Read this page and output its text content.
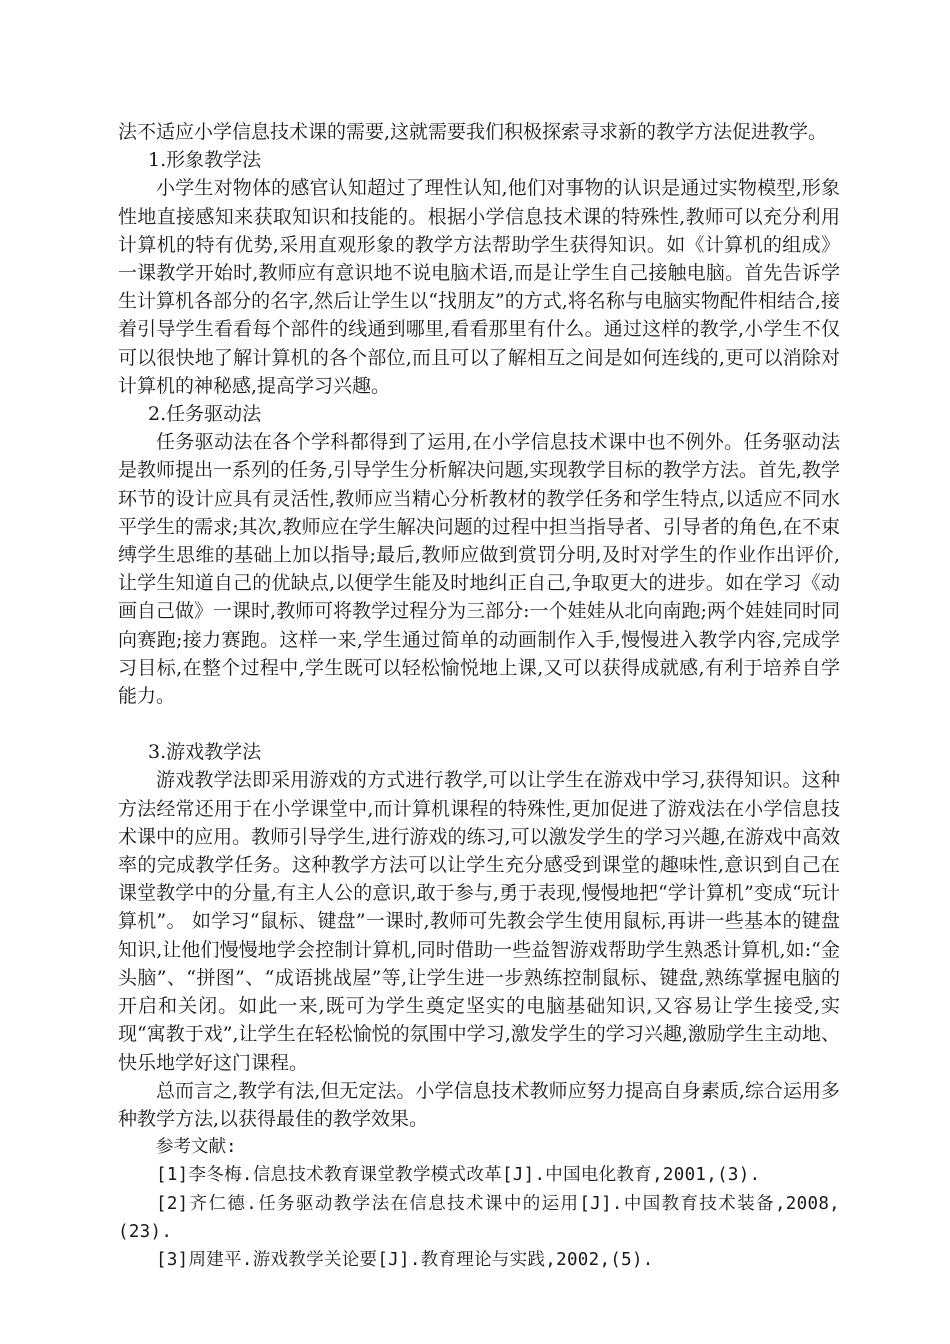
法不适应小学信息技术课的需要,这就需要我们积极探索寻求新的教学方法促进教学。

1.形象教学法

小学生对物体的感官认知超过了理性认知,他们对事物的认识是通过实物模型,形象性地直接感知来获取知识和技能的。根据小学信息技术课的特殊性,教师可以充分利用计算机的特有优势,采用直观形象的教学方法帮助学生获得知识。如《计算机的组成》一课教学开始时,教师应有意识地不说电脑术语,而是让学生自己接触电脑。首先告诉学生计算机各部分的名字,然后让学生以“找朋友”的方式,将名称与电脑实物配件相结合,接着引导学生看看每个部件的线通到哪里,看看那里有什么。通过这样的教学,小学生不仅可以很快地了解计算机的各个部位,而且可以了解相互之间是如何连线的,更可以消除对计算机的神秘感,提高学习兴趣。

2.任务驱动法

任务驱动法在各个学科都得到了运用,在小学信息技术课中也不例外。任务驱动法是教师提出一系列的任务,引导学生分析解决问题,实现教学目标的教学方法。首先,教学环节的设计应具有灵活性,教师应当精心分析教材的教学任务和学生特点,以适应不同水平学生的需求;其次,教师应在学生解决问题的过程中担当指导者、引导者的角色,在不束缚学生思维的基础上加以指导;最后,教师应做到赏罚分明,及时对学生的作业作出评价,让学生知道自己的优缺点,以便学生能及时地纠正自己,争取更大的进步。如在学习《动画自己做》一课时,教师可将教学过程分为三部分:一个娃娃从北向南跑;两个娃娃同时同向赛跑;接力赛跑。这样一来,学生通过简单的动画制作入手,慢慢进入教学内容,完成学习目标,在整个过程中,学生既可以轻松愉悦地上课,又可以获得成就感,有利于培养自学能力。

3.游戏教学法

游戏教学法即采用游戏的方式进行教学,可以让学生在游戏中学习,获得知识。这种方法经常还用于在小学课堂中,而计算机课程的特殊性,更加促进了游戏法在小学信息技术课中的应用。教师引导学生,进行游戏的练习,可以激发学生的学习兴趣,在游戏中高效率的完成教学任务。这种教学方法可以让学生充分感受到课堂的趣味性,意识到自己在课堂教学中的分量,有主人公的意识,敢于参与,勇于表现,慢慢地把“学计算机”变成“玩计算机”。 如学习“鼠标、键盘”一课时,教师可先教会学生使用鼠标,再讲一些基本的键盘知识,让他们慢慢地学会控制计算机,同时借助一些益智游戏帮助学生熟悉计算机,如:“金头脑”、“拼图”、“成语挑战屋”等,让学生进一步熟练控制鼠标、键盘,熟练掌握电脑的开启和关闭。如此一来,既可为学生奠定坚实的电脑基础知识,又容易让学生接受,实现“寓教于戏”,让学生在轻松愉悦的氛围中学习,激发学生的学习兴趣,激励学生主动地、快乐地学好这门课程。

总而言之,教学有法,但无定法。小学信息技术教师应努力提高自身素质,综合运用多种教学方法,以获得最佳的教学效果。

参考文献:

[1]李冬梅.信息技术教育课堂教学模式改革[J].中国电化教育,2001,(3).

[2]齐仁德.任务驱动教学法在信息技术课中的运用[J].中国教育技术装备,2008,(23).

[3]周建平.游戏教学关论要[J].教育理论与实践,2002,(5).
